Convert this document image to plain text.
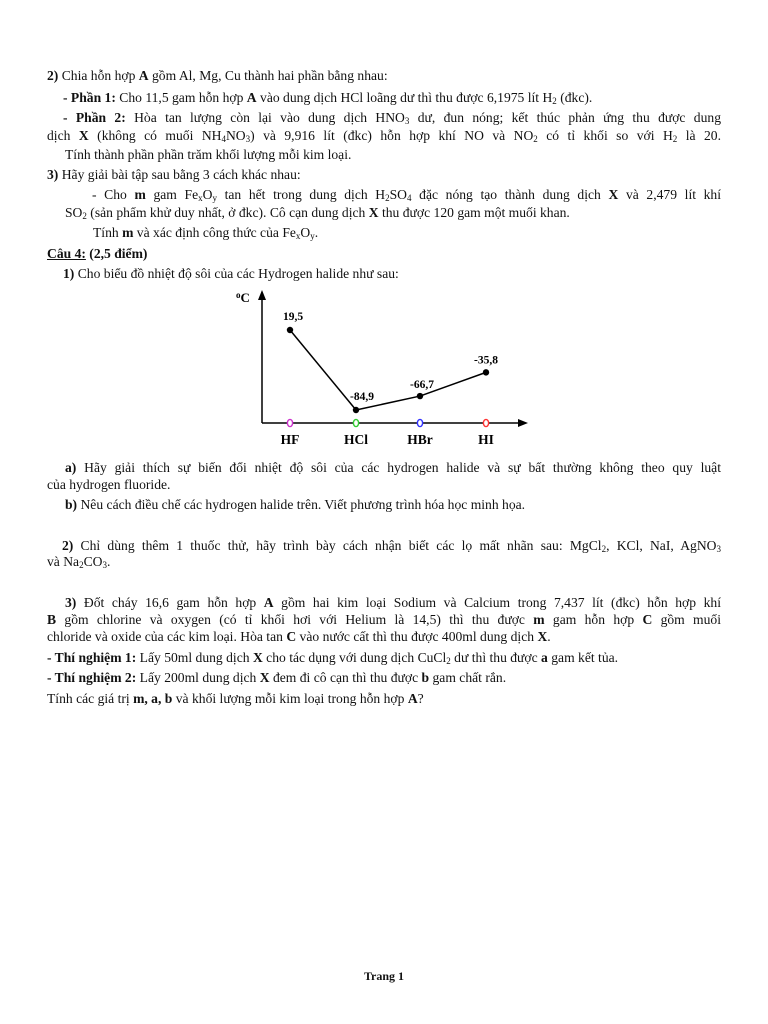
2) Chia hỗn hợp A gồm Al, Mg, Cu thành hai phần bằng nhau:
- Phần 1: Cho 11,5 gam hỗn hợp A vào dung dịch HCl loãng dư thì thu được 6,1975 lít $H_2$ (đkc).
- Phần 2: Hòa tan lượng còn lại vào dung dịch $HNO_3$ dư, đun nóng; kết thúc phản ứng thu được dung
dịch X (không có muối $NH_4NO_3$) và 9,916 lít (đkc) hỗn hợp khí NO và $NO_2$ có tỉ khối so với $H_2$ là 20.
Tính thành phần phần trăm khối lượng mỗi kim loại.
3) Hãy giải bài tập sau bằng 3 cách khác nhau:
- Cho m gam $Fe_xO_y$ tan hết trong dung dịch $H_2SO_4$ đặc nóng tạo thành dung dịch X và 2,479 lít khí
$SO_2$ (sản phẩm khử duy nhất, ở đkc). Cô cạn dung dịch X thu được 120 gam một muối khan.
Tính m và xác định công thức của $Fe_xO_y$.
Câu 4: (2,5 điểm)
1) Cho biểu đồ nhiệt độ sôi của các Hydrogen halide như sau:
$^o$C
19,5
HF
-84,9
HCl
-66,7
HBr
-35,8
HI
a) Hãy giải thích sự biến đổi nhiệt độ sôi của các hydrogen halide và sự bất thường không theo quy luật
của hydrogen fluoride.
b) Nêu cách điều chế các hydrogen halide trên. Viết phương trình hóa học minh họa.
2) Chỉ dùng thêm 1 thuốc thử, hãy trình bày cách nhận biết các lọ mất nhãn sau: MgCl$_2$, KCl, NaI, AgNO$_3$
và $Na_2CO_3$.
3) Đốt cháy 16,6 gam hỗn hợp A gồm hai kim loại Sodium và Calcium trong 7,437 lít (đkc) hỗn hợp khí
B gồm chlorine và oxygen (có tỉ khối hơi với Helium là 14,5) thì thu được m gam hỗn hợp C gồm muối
chloride và oxide của các kim loại. Hòa tan C vào nước cất thì thu được 400ml dung dịch X.
- Thí nghiệm 1: Lấy 50ml dung dịch X cho tác dụng với dung dịch CuCl$_2$ dư thì thu được a gam kết tủa.
- Thí nghiệm 2: Lấy 200ml dung dịch X đem đi cô cạn thì thu được b gam chất rắn.
Tính các giá trị m, a, b và khối lượng mỗi kim loại trong hỗn hợp A?
Trang 1
